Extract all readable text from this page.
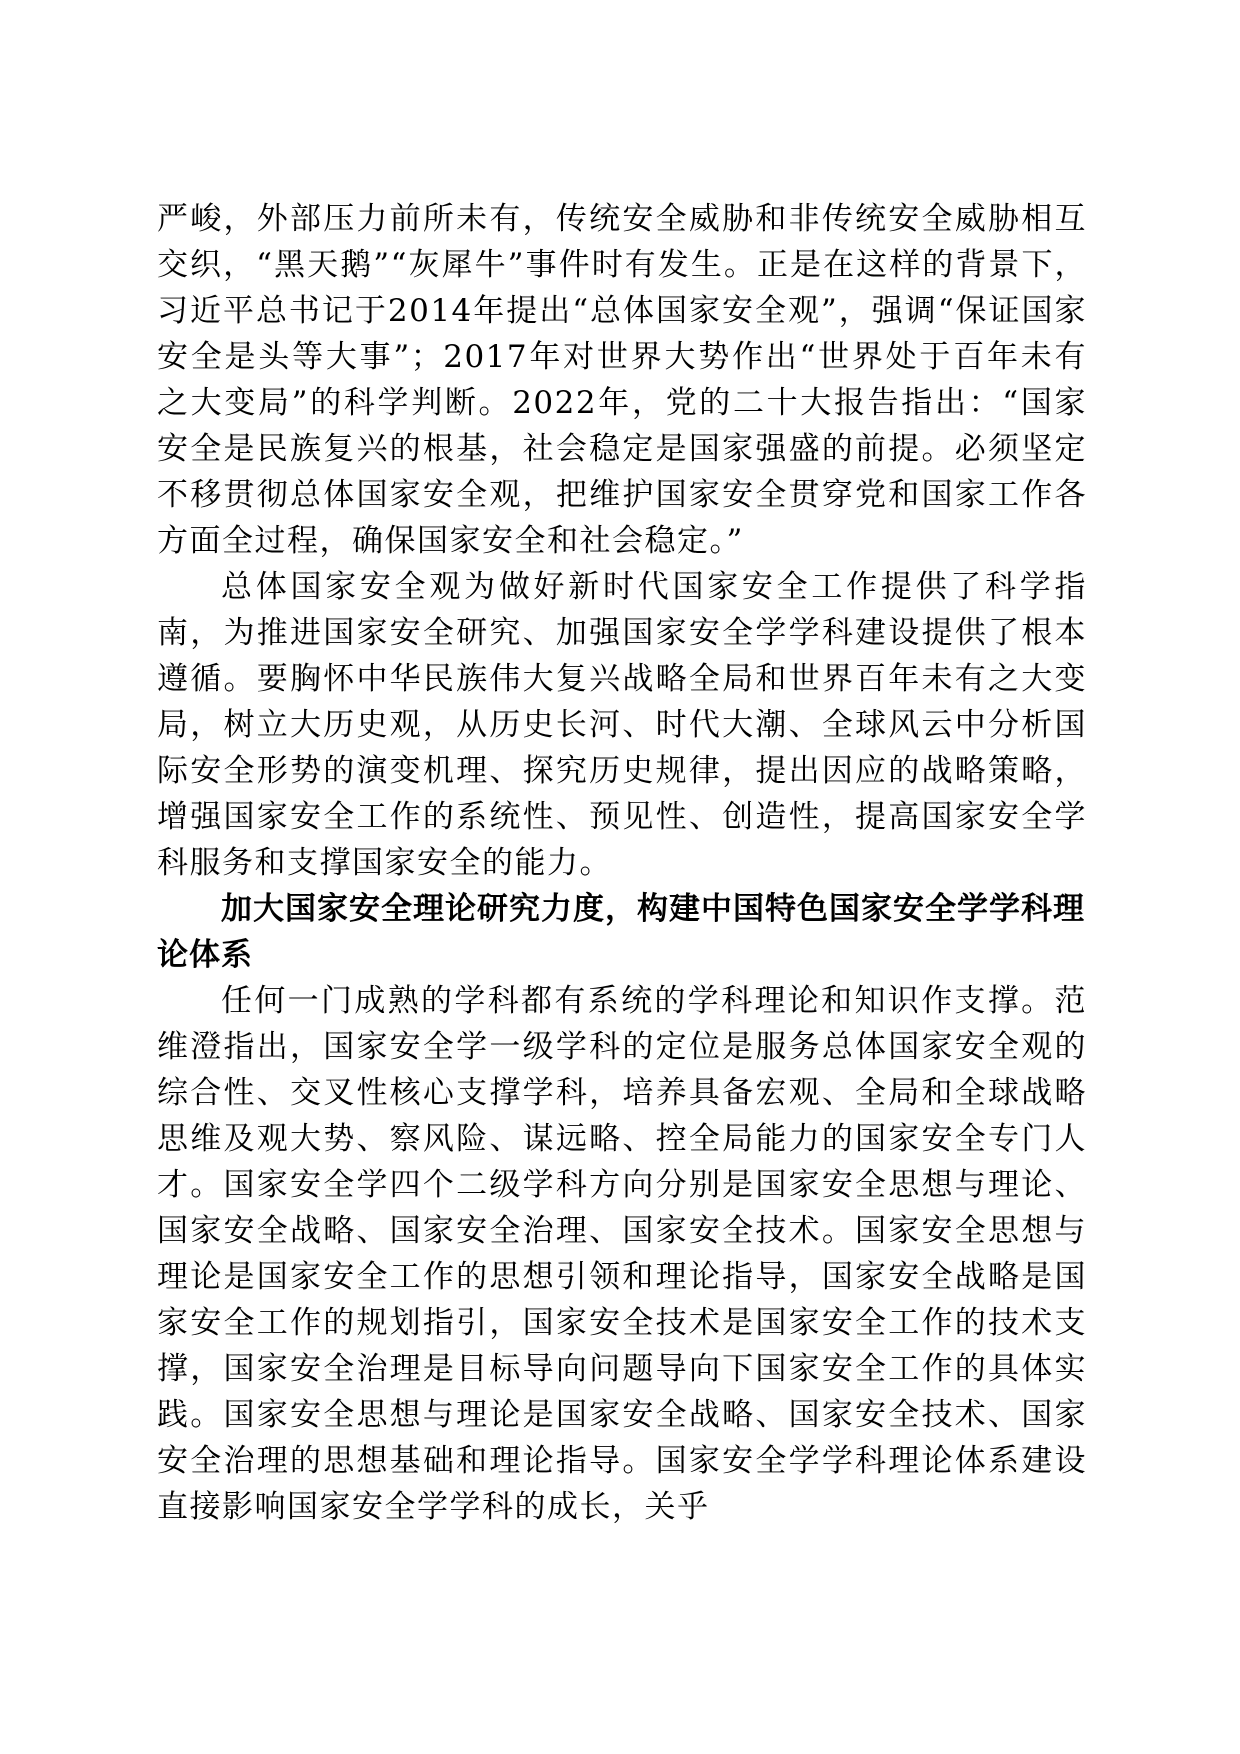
严峻，外部压力前所未有，传统安全威胁和非传统安全威胁相互交织，“黑天鹅”“灰犀牛”事件时有发生。正是在这样的背景下，习近平总书记于2014年提出“总体国家安全观”，强调“保证国家安全是头等大事”；2017年对世界大势作出“世界处于百年未有之大变局”的科学判断。2022年，党的二十大报告指出：“国家安全是民族复兴的根基，社会稳定是国家强盛的前提。必须坚定不移贯彻总体国家安全观，把维护国家安全贯穿党和国家工作各方面全过程，确保国家安全和社会稳定。”

总体国家安全观为做好新时代国家安全工作提供了科学指南，为推进国家安全研究、加强国家安全学学科建设提供了根本遵循。要胸怀中华民族伟大复兴战略全局和世界百年未有之大变局，树立大历史观，从历史长河、时代大潮、全球风云中分析国际安全形势的演变机理、探究历史规律，提出因应的战略策略，增强国家安全工作的系统性、预见性、创造性，提高国家安全学科服务和支撑国家安全的能力。

加大国家安全理论研究力度，构建中国特色国家安全学学科理论体系

任何一门成熟的学科都有系统的学科理论和知识作支撑。范维澄指出，国家安全学一级学科的定位是服务总体国家安全观的综合性、交叉性核心支撑学科，培养具备宏观、全局和全球战略思维及观大势、察风险、谋远略、控全局能力的国家安全专门人才。国家安全学四个二级学科方向分别是国家安全思想与理论、国家安全战略、国家安全治理、国家安全技术。国家安全思想与理论是国家安全工作的思想引领和理论指导，国家安全战略是国家安全工作的规划指引，国家安全技术是国家安全工作的技术支撑，国家安全治理是目标导向问题导向下国家安全工作的具体实践。国家安全思想与理论是国家安全战略、国家安全技术、国家安全治理的思想基础和理论指导。国家安全学学科理论体系建设直接影响国家安全学学科的成长，关乎
